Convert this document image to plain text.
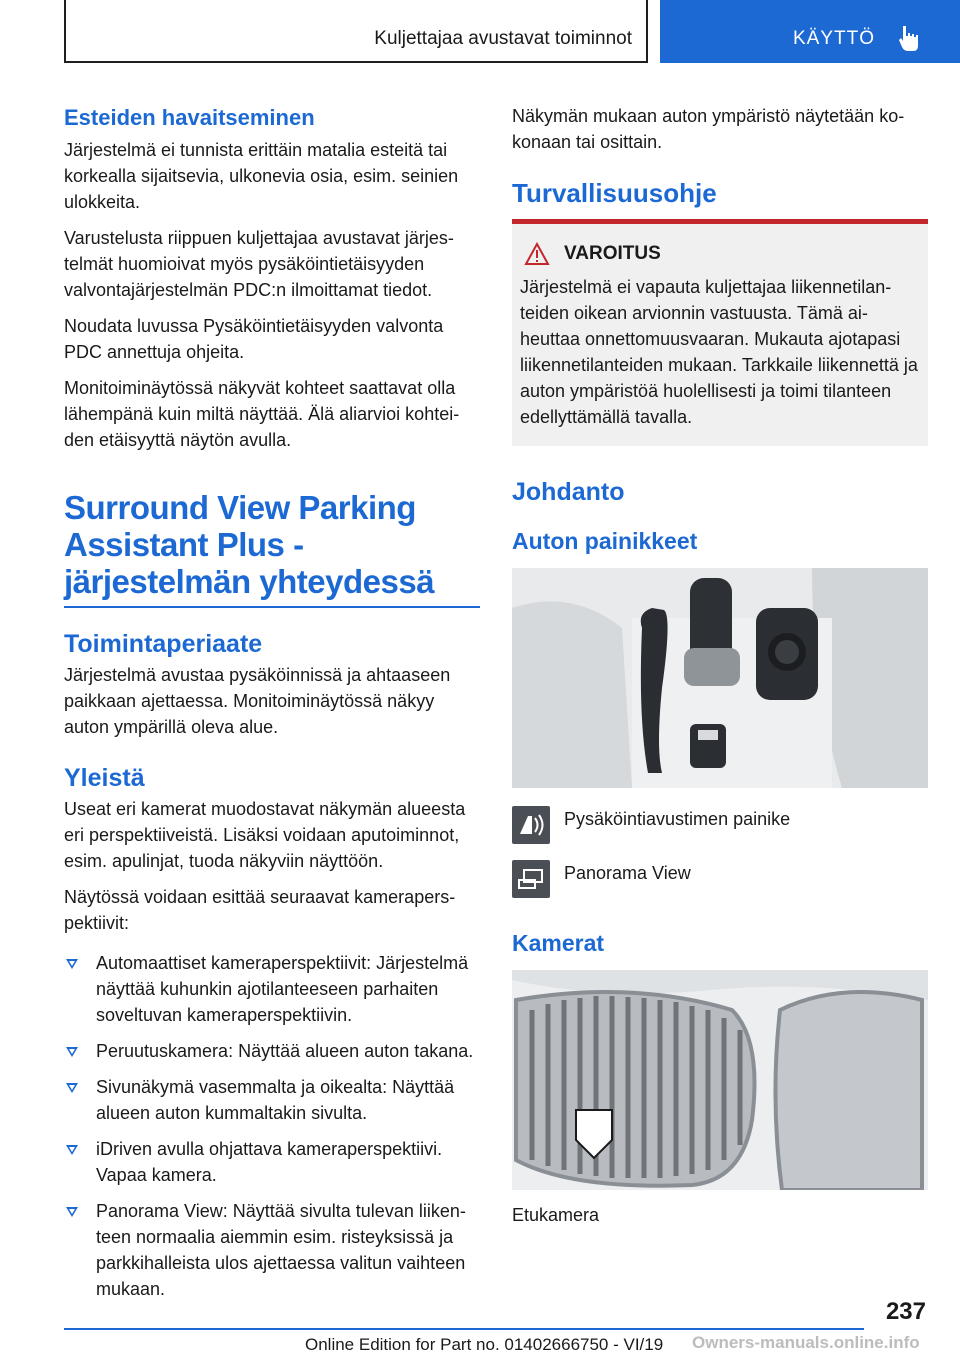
Kuljettajaa avustavat toiminnot	KÄYTTÖ
Esteiden havaitseminen

Järjestelmä ei tunnista erittäin matalia esteitä tai korkealla sijaitsevia, ulkonevia osia, esim. seinien ulokkeita.

Varustelusta riippuen kuljettajaa avustavat järjestelmät huomioivat myös pysäköintietäisyyden valvontajärjestelmän PDC:n ilmoittamat tiedot.

Noudata luvussa Pysäköintietäisyyden valvonta PDC annettuja ohjeita.

Monitoiminäytössä näkyvät kohteet saattavat olla lähempänä kuin miltä näyttää. Älä aliarvioi kohteiden etäisyyttä näytön avulla.

Surround View Parking Assistant Plus -järjestelmän yhteydessä
Toimintaperiaate

Järjestelmä avustaa pysäköinnissä ja ahtaaseen paikkaan ajettaessa. Monitoiminäytössä näkyy auton ympärillä oleva alue.

Yleistä

Useat eri kamerat muodostavat näkymän alueesta eri perspektiiveistä. Lisäksi voidaan aputoiminnot, esim. apulinjat, tuoda näkyviin näyttöön.

Näytössä voidaan esittää seuraavat kameraperspektiivit:

Automaattiset kameraperspektiivit: Järjestelmä näyttää kuhunkin ajotilanteeseen parhaiten soveltuvan kameraperspektiivin.
Peruutuskamera: Näyttää alueen auton takana.
Sivunäkymä vasemmalta ja oikealta: Näyttää alueen auton kummaltakin sivulta.
iDriven avulla ohjattava kameraperspektiivi. Vapaa kamera.
Panorama View: Näyttää sivulta tulevan liikenteen normaalia aiemmin esim. risteyksissä ja parkkihalleista ulos ajettaessa valitun vaihteen mukaan.

Näkymän mukaan auton ympäristö näytetään kokonaan tai osittain.

Turvallisuusohje
VAROITUS

Järjestelmä ei vapauta kuljettajaa liikennetilanteiden oikean arvionnin vastuusta. Tämä aiheuttaa onnettomuusvaaran. Mukauta ajotapasi liikennetilanteiden mukaan. Tarkkaile liikennettä ja auton ympäristöä huolellisesti ja toimi tilanteen edellyttämällä tavalla.

Johdanto
Auton painikkeet
Pysäköintiavustimen painike
Panorama View
Kamerat

Etukamera

237
Online Edition for Part no. 01402666750 - VI/19 Owners-manuals.online.info
